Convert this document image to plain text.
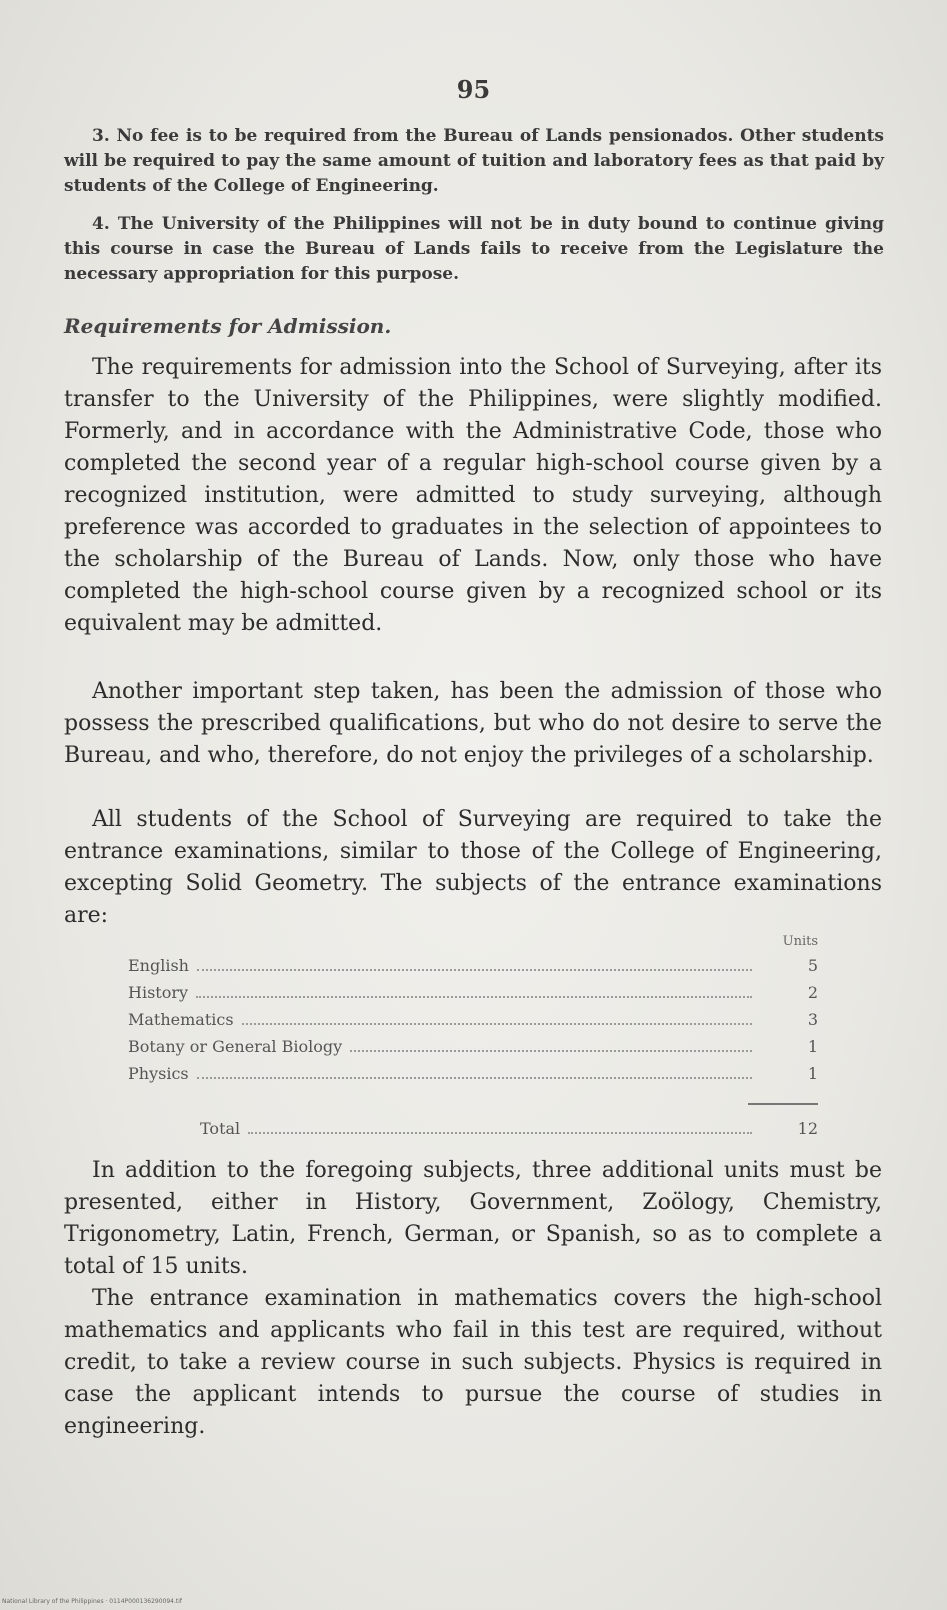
95

3. No fee is to be required from the Bureau of Lands pensionados. Other students will be required to pay the same amount of tuition and laboratory fees as that paid by students of the College of Engineering.

4. The University of the Philippines will not be in duty bound to continue giving this course in case the Bureau of Lands fails to receive from the Legislature the necessary appropriation for this purpose.

Requirements for Admission.

The requirements for admission into the School of Surveying, after its transfer to the University of the Philippines, were slightly modified. Formerly, and in accordance with the Administrative Code, those who completed the second year of a regular high-school course given by a recognized institution, were admitted to study surveying, although preference was accorded to graduates in the selection of appointees to the scholarship of the Bureau of Lands. Now, only those who have completed the high-school course given by a recognized school or its equivalent may be admitted.

Another important step taken, has been the admission of those who possess the prescribed qualifications, but who do not desire to serve the Bureau, and who, therefore, do not enjoy the privileges of a scholarship.

All students of the School of Surveying are required to take the entrance examinations, similar to those of the College of Engineering, excepting Solid Geometry. The subjects of the entrance examinations are:

Units
English	5
History	2
Mathematics	3
Botany or General Biology	1
Physics	1
Total	12

In addition to the foregoing subjects, three additional units must be presented, either in History, Government, Zoölogy, Chemistry, Trigonometry, Latin, French, German, or Spanish, so as to complete a total of 15 units.

The entrance examination in mathematics covers the high-school mathematics and applicants who fail in this test are required, without credit, to take a review course in such subjects. Physics is required in case the applicant intends to pursue the course of studies in engineering.

National Library of the Philippines · 0114P000136290094.tif
